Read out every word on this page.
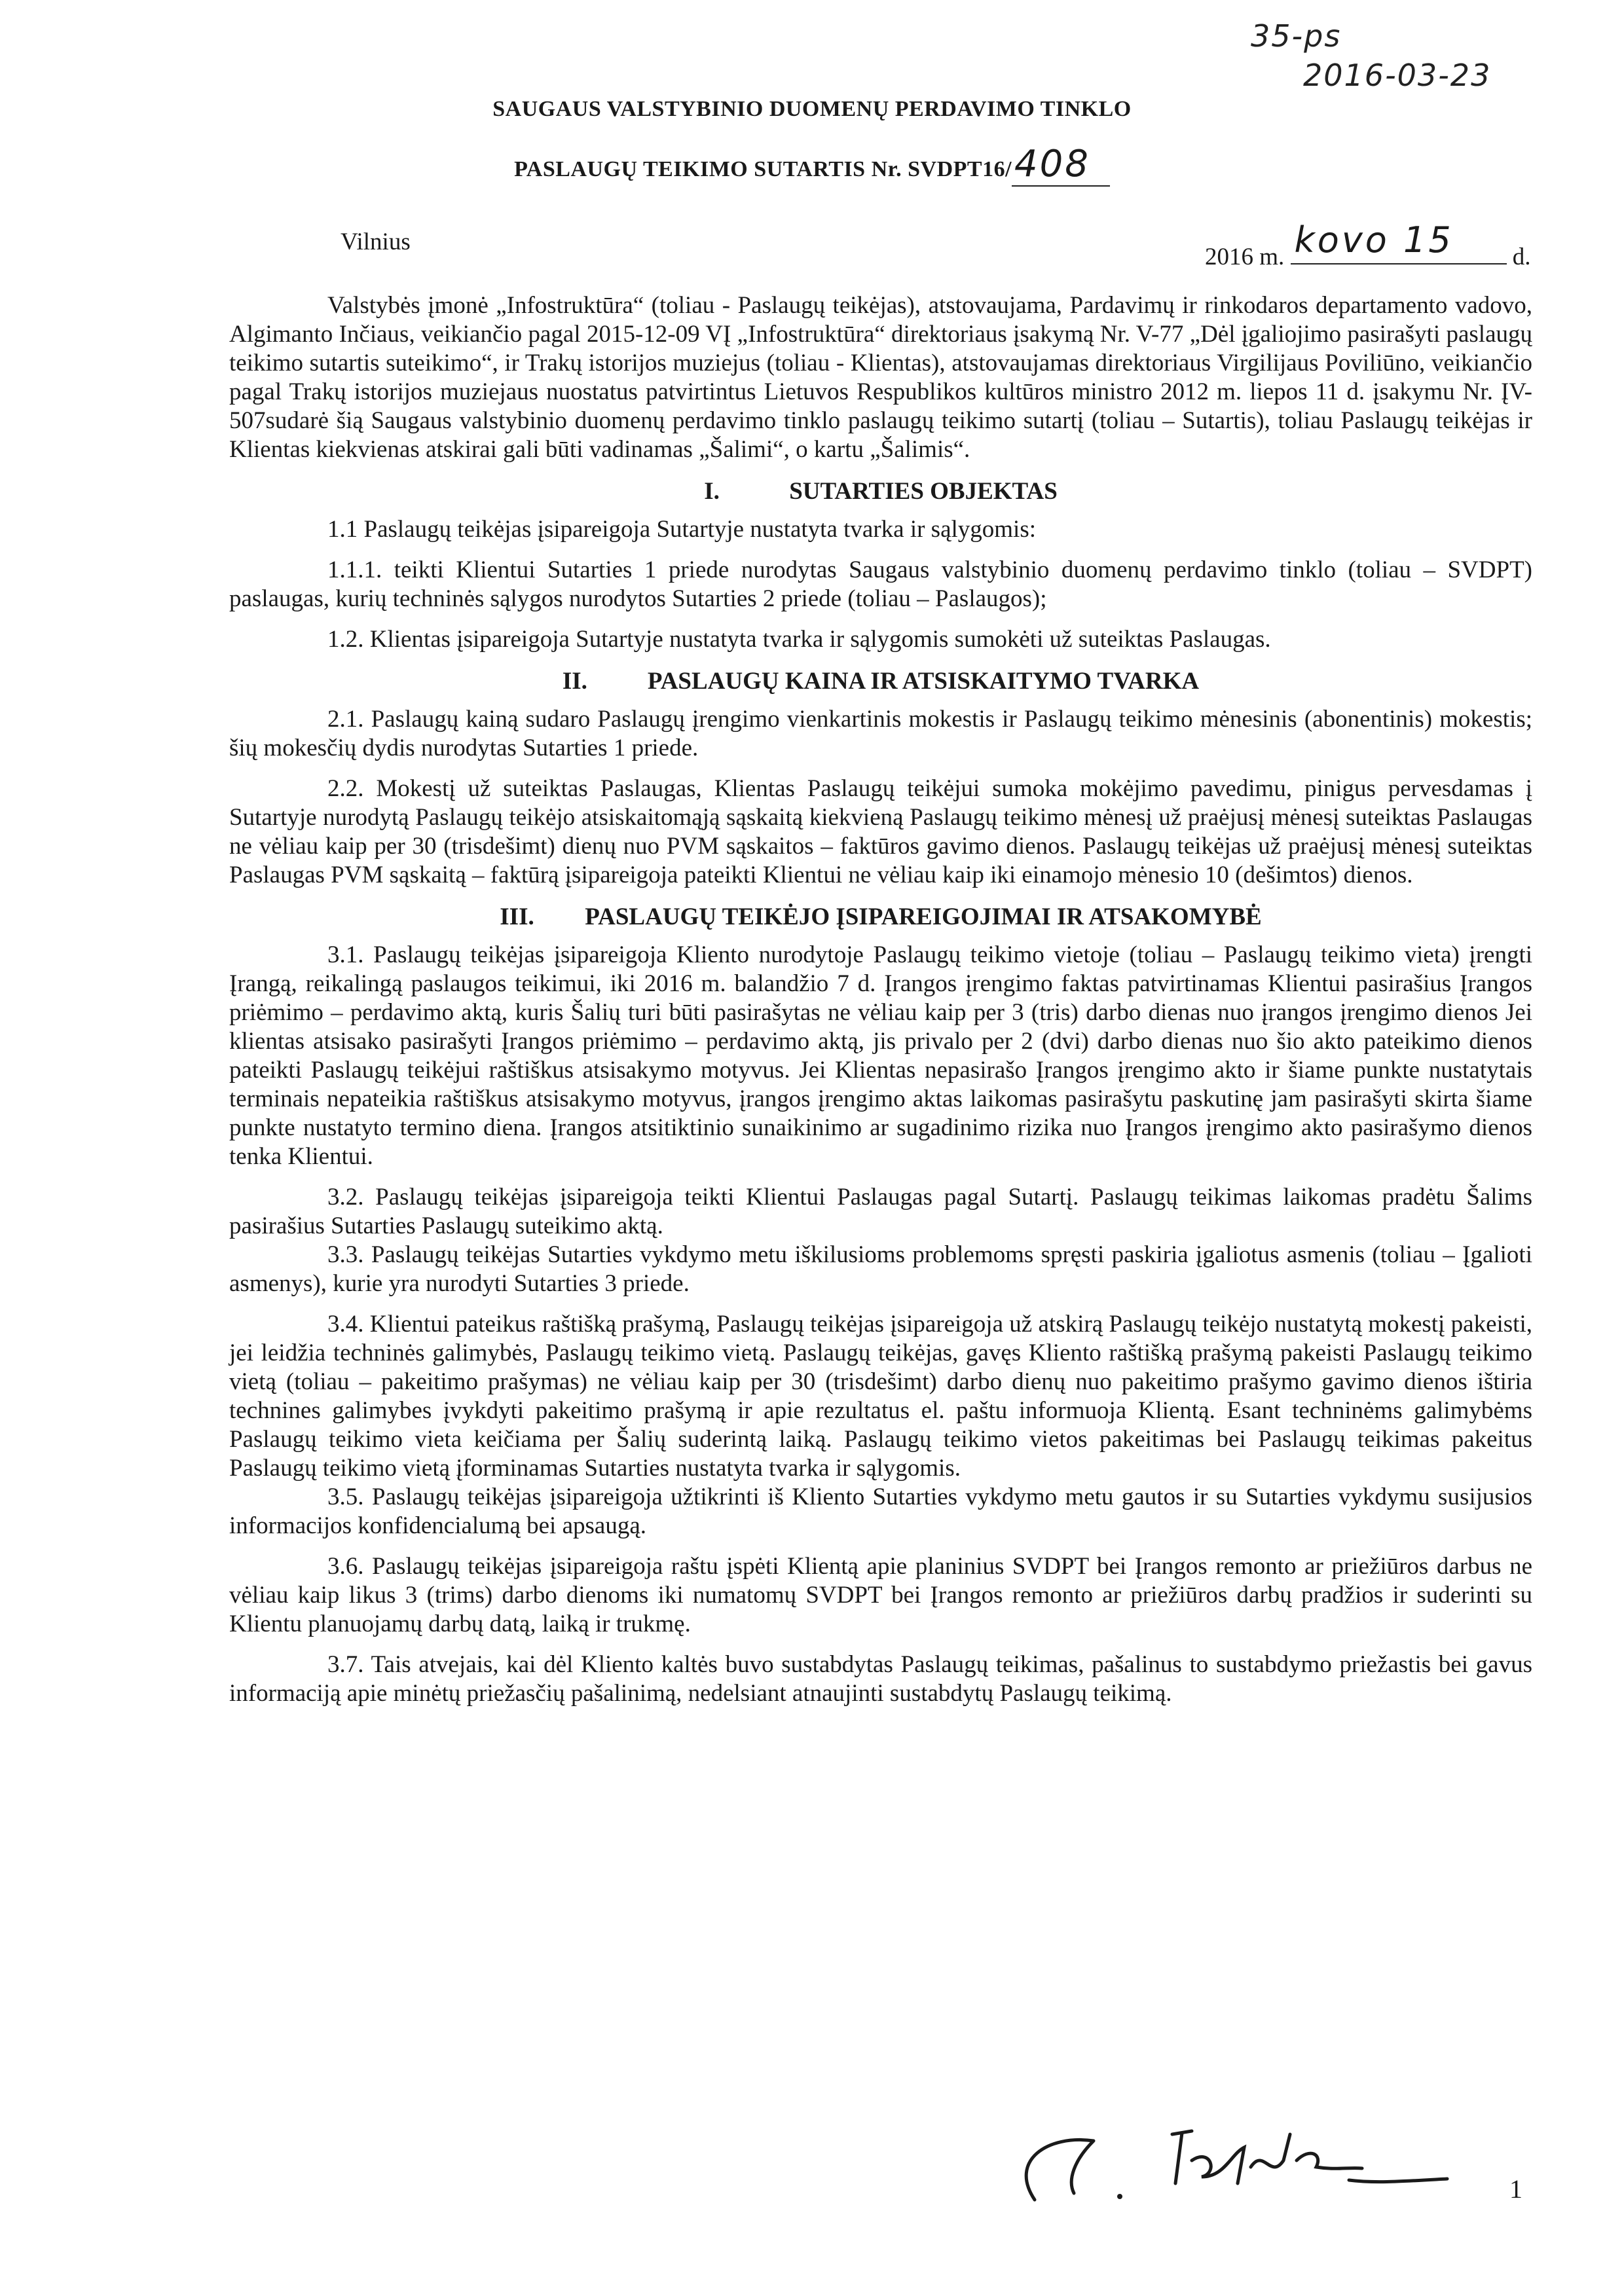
35-ps
2016-03-23
SAUGAUS VALSTYBINIO DUOMENŲ PERDAVIMO TINKLO
PASLAUGŲ TEIKIMO SUTARTIS Nr. SVDPT16/408
Vilnius
2016 m. kovo 15 d.

Valstybės įmonė „Infostruktūra“ (toliau - Paslaugų teikėjas), atstovaujama, Pardavimų ir rinkodaros departamento vadovo, Algimanto Inčiaus, veikiančio pagal 2015-12-09 VĮ „Infostruktūra“ direktoriaus įsakymą Nr. V-77 „Dėl įgaliojimo pasirašyti paslaugų teikimo sutartis suteikimo“, ir Trakų istorijos muziejus (toliau - Klientas), atstovaujamas direktoriaus Virgilijaus Poviliūno, veikiančio pagal Trakų istorijos muziejaus nuostatus patvirtintus Lietuvos Respublikos kultūros ministro 2012 m. liepos 11 d. įsakymu Nr. ĮV-507sudarė šią Saugaus valstybinio duomenų perdavimo tinklo paslaugų teikimo sutartį (toliau – Sutartis), toliau Paslaugų teikėjas ir Klientas kiekvienas atskirai gali būti vadinamas „Šalimi“, o kartu „Šalimis“.

I.	SUTARTIES OBJEKTAS

1.1 Paslaugų teikėjas įsipareigoja Sutartyje nustatyta tvarka ir sąlygomis:

1.1.1. teikti Klientui Sutarties 1 priede nurodytas Saugaus valstybinio duomenų perdavimo tinklo (toliau – SVDPT) paslaugas, kurių techninės sąlygos nurodytos Sutarties 2 priede (toliau – Paslaugos);

1.2. Klientas įsipareigoja Sutartyje nustatyta tvarka ir sąlygomis sumokėti už suteiktas Paslaugas.

II. PASLAUGŲ KAINA IR ATSISKAITYMO TVARKA

2.1. Paslaugų kainą sudaro Paslaugų įrengimo vienkartinis mokestis ir Paslaugų teikimo mėnesinis (abonentinis) mokestis; šių mokesčių dydis nurodytas Sutarties 1 priede.

2.2. Mokestį už suteiktas Paslaugas, Klientas Paslaugų teikėjui sumoka mokėjimo pavedimu, pinigus pervesdamas į Sutartyje nurodytą Paslaugų teikėjo atsiskaitomąją sąskaitą kiekvieną Paslaugų teikimo mėnesį už praėjusį mėnesį suteiktas Paslaugas ne vėliau kaip per 30 (trisdešimt) dienų nuo PVM sąskaitos – faktūros gavimo dienos. Paslaugų teikėjas už praėjusį mėnesį suteiktas Paslaugas PVM sąskaitą – faktūrą įsipareigoja pateikti Klientui ne vėliau kaip iki einamojo mėnesio 10 (dešimtos) dienos.

III. PASLAUGŲ TEIKĖJO ĮSIPAREIGOJIMAI IR ATSAKOMYBĖ

3.1. Paslaugų teikėjas įsipareigoja Kliento nurodytoje Paslaugų teikimo vietoje (toliau – Paslaugų teikimo vieta) įrengti Įrangą, reikalingą paslaugos teikimui, iki 2016 m. balandžio 7 d. Įrangos įrengimo faktas patvirtinamas Klientui pasirašius Įrangos priėmimo – perdavimo aktą, kuris Šalių turi būti pasirašytas ne vėliau kaip per 3 (tris) darbo dienas nuo įrangos įrengimo dienos Jei klientas atsisako pasirašyti Įrangos priėmimo – perdavimo aktą, jis privalo per 2 (dvi) darbo dienas nuo šio akto pateikimo dienos pateikti Paslaugų teikėjui raštiškus atsisakymo motyvus. Jei Klientas nepasirašo Įrangos įrengimo akto ir šiame punkte nustatytais terminais nepateikia raštiškus atsisakymo motyvus, įrangos įrengimo aktas laikomas pasirašytu paskutinę jam pasirašyti skirta šiame punkte nustatyto termino diena. Įrangos atsitiktinio sunaikinimo ar sugadinimo rizika nuo Įrangos įrengimo akto pasirašymo dienos tenka Klientui.

3.2. Paslaugų teikėjas įsipareigoja teikti Klientui Paslaugas pagal Sutartį. Paslaugų teikimas laikomas pradėtu Šalims pasirašius Sutarties Paslaugų suteikimo aktą.

3.3. Paslaugų teikėjas Sutarties vykdymo metu iškilusioms problemoms spręsti paskiria įgaliotus asmenis (toliau – Įgalioti asmenys), kurie yra nurodyti Sutarties 3 priede.

3.4. Klientui pateikus raštišką prašymą, Paslaugų teikėjas įsipareigoja už atskirą Paslaugų teikėjo nustatytą mokestį pakeisti, jei leidžia techninės galimybės, Paslaugų teikimo vietą. Paslaugų teikėjas, gavęs Kliento raštišką prašymą pakeisti Paslaugų teikimo vietą (toliau – pakeitimo prašymas) ne vėliau kaip per 30 (trisdešimt) darbo dienų nuo pakeitimo prašymo gavimo dienos ištiria technines galimybes įvykdyti pakeitimo prašymą ir apie rezultatus el. paštu informuoja Klientą. Esant techninėms galimybėms Paslaugų teikimo vieta keičiama per Šalių suderintą laiką. Paslaugų teikimo vietos pakeitimas bei Paslaugų teikimas pakeitus Paslaugų teikimo vietą įforminamas Sutarties nustatyta tvarka ir sąlygomis.

3.5. Paslaugų teikėjas įsipareigoja užtikrinti iš Kliento Sutarties vykdymo metu gautos ir su Sutarties vykdymu susijusios informacijos konfidencialumą bei apsaugą.

3.6. Paslaugų teikėjas įsipareigoja raštu įspėti Klientą apie planinius SVDPT bei Įrangos remonto ar priežiūros darbus ne vėliau kaip likus 3 (trims) darbo dienoms iki numatomų SVDPT bei Įrangos remonto ar priežiūros darbų pradžios ir suderinti su Klientu planuojamų darbų datą, laiką ir trukmę.

3.7. Tais atvejais, kai dėl Kliento kaltės buvo sustabdytas Paslaugų teikimas, pašalinus to sustabdymo priežastis bei gavus informaciją apie minėtų priežasčių pašalinimą, nedelsiant atnaujinti sustabdytų Paslaugų teikimą.

1
